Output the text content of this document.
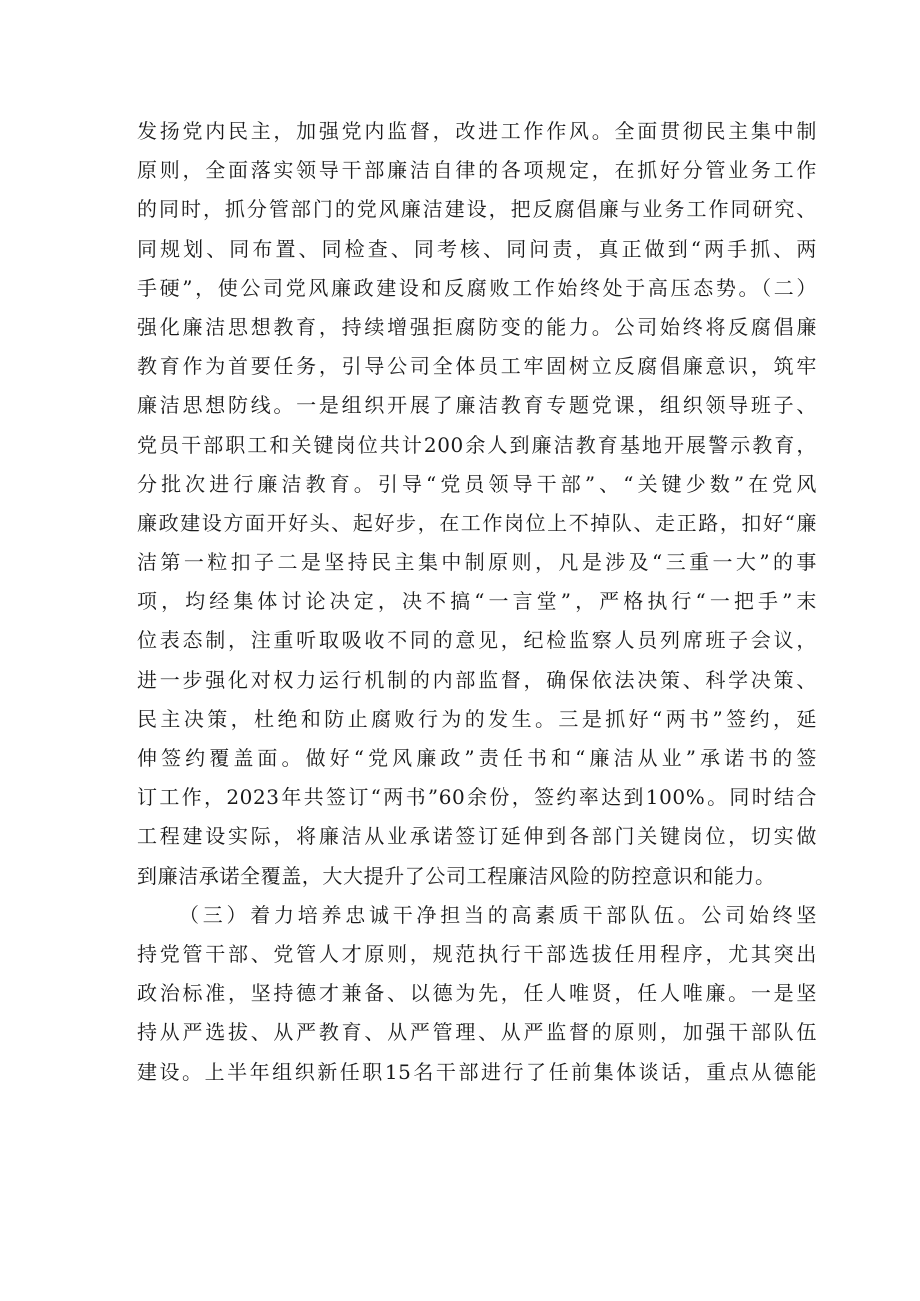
发扬党内民主，加强党内监督，改进工作作风。全面贯彻民主集中制
原则，全面落实领导干部廉洁自律的各项规定，在抓好分管业务工作
的同时，抓分管部门的党风廉洁建设，把反腐倡廉与业务工作同研究、
同规划、同布置、同检查、同考核、同问责，真正做到“两手抓、两
手硬”，使公司党风廉政建设和反腐败工作始终处于高压态势。（二）
强化廉洁思想教育，持续增强拒腐防变的能力。公司始终将反腐倡廉
教育作为首要任务，引导公司全体员工牢固树立反腐倡廉意识，筑牢
廉洁思想防线。一是组织开展了廉洁教育专题党课，组织领导班子、
党员干部职工和关键岗位共计200余人到廉洁教育基地开展警示教育，
分批次进行廉洁教育。引导“党员领导干部”、“关键少数”在党风
廉政建设方面开好头、起好步，在工作岗位上不掉队、走正路，扣好“廉
洁第一粒扣子二是坚持民主集中制原则，凡是涉及“三重一大”的事
项，均经集体讨论决定，决不搞“一言堂”，严格执行“一把手”末
位表态制，注重听取吸收不同的意见，纪检监察人员列席班子会议，
进一步强化对权力运行机制的内部监督，确保依法决策、科学决策、
民主决策，杜绝和防止腐败行为的发生。三是抓好“两书”签约，延
伸签约覆盖面。做好“党风廉政”责任书和“廉洁从业”承诺书的签
订工作，2023年共签订“两书”60余份，签约率达到100%。同时结合
工程建设实际，将廉洁从业承诺签订延伸到各部门关键岗位，切实做
到廉洁承诺全覆盖，大大提升了公司工程廉洁风险的防控意识和能力。
（三）着力培养忠诚干净担当的高素质干部队伍。公司始终坚
持党管干部、党管人才原则，规范执行干部选拔任用程序，尤其突出
政治标准，坚持德才兼备、以德为先，任人唯贤，任人唯廉。一是坚
持从严选拔、从严教育、从严管理、从严监督的原则，加强干部队伍
建设。上半年组织新任职15名干部进行了任前集体谈话，重点从德能
